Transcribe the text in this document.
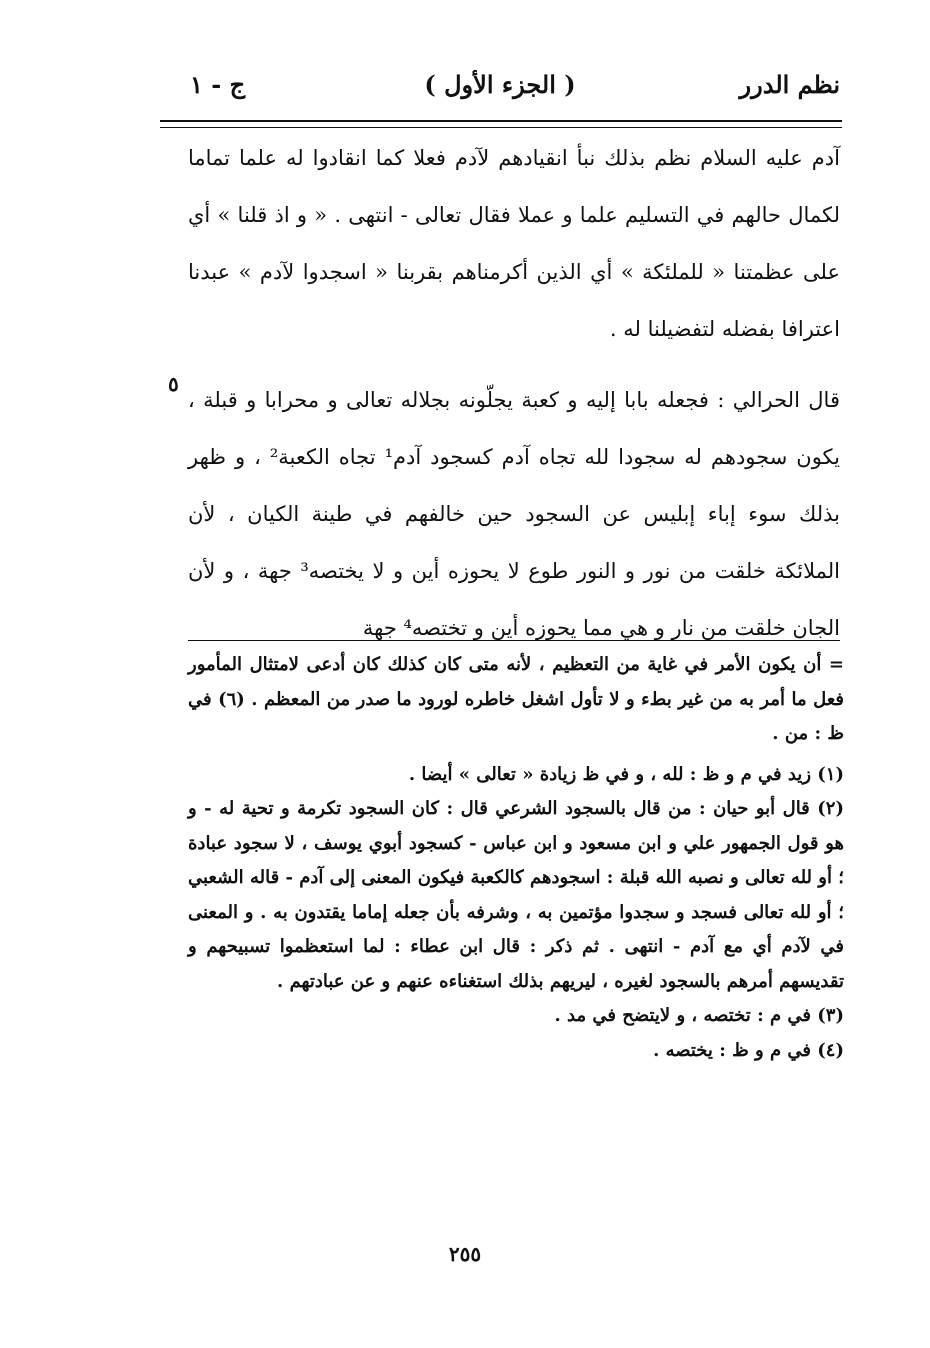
نظم الدرر
( الجزء الأول )
ج - ١

آدم عليه السلام نظم بذلك نبأ انقيادهم لآدم فعلا كما انقادوا له علما تماما لكمال حالهم في التسليم علما و عملا فقال تعالى - انتهى . « و اذ قلنا » أي على عظمتنا « للملئكة » أي الذين أكرمناهم بقربنا « اسجدوا لآدم » عبدنا اعترافا بفضله لتفضيلنا له .

قال الحرالي : فجعله بابا إليه و كعبة يجلّونه بجلاله تعالى و محرابا و قبلة ، يكون سجودهم له سجودا لله تجاه آدم كسجود آدم¹ تجاه الكعبة² ، و ظهر بذلك سوء إباء إبليس عن السجود حين خالفهم في طينة الكيان ، لأن الملائكة خلقت من نور و النور طوع لا يحوزه أين و لا يختصه³ جهة ، و لأن الجان خلقت من نار و هي مما يحوزه أين و تختصه⁴ جهة

٥

= أن يكون الأمر في غاية من التعظيم ، لأنه متى كان كذلك كان أدعى لامتثال المأمور فعل ما أمر به من غير بطء و لا تأول اشغل خاطره لورود ما صدر من المعظم . (٦) في ظ : من .

(١) زيد في م و ظ : لله ، و في ظ زيادة « تعالى » أيضا .

(٢) قال أبو حيان : من قال بالسجود الشرعي قال : كان السجود تكرمة و تحية له - و هو قول الجمهور علي و ابن مسعود و ابن عباس - كسجود أبوي يوسف ، لا سجود عبادة ؛ أو لله تعالى و نصبه الله قبلة : اسجودهم كالكعبة فيكون المعنى إلى آدم - قاله الشعبي ؛ أو لله تعالى فسجد و سجدوا مؤتمين به ، وشرفه بأن جعله إماما يقتدون به . و المعنى في لآدم أي مع آدم - انتهى . ثم ذكر : قال ابن عطاء : لما استعظموا تسبيحهم و تقديسهم أمرهم بالسجود لغيره ، ليريهم بذلك استغناءه عنهم و عن عبادتهم .

(٣) في م : تختصه ، و لايتضح في مد .

(٤) في م و ظ : يختصه .

٢٥٥
